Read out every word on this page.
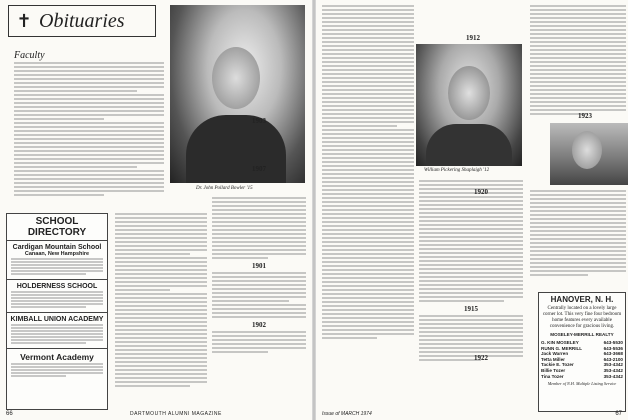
✝ Obituaries
Faculty
Dr. John Pollard Bowler '15
SCHOOL DIRECTORY
Cardigan Mountain School
Canaan, New Hampshire
HOLDERNESS SCHOOL
KIMBALL UNION ACADEMY
Vermont Academy
1901
1902
1903
1907
66	DARTMOUTH ALUMNI MAGAZINE
1912
William Pickering Shaplaigh '12
1915
1920
1922
1923
HANOVER, N. H.
Centrally located on a lovely large corner lot. This very fine four bedroom home features every available convenience for gracious living.
MOSELEY-MERRILL REALTY
G. KIN MOSELEY	643-5530
RUNN G. MERRILL	643-5536
Jack Warren	643-3668
Tetta Miller	643-2100
Tackie E. Tozer	353-4342
Billie Tozer	353-4342
Tina Tozer	353-4342
Member of N.H. Multiple Listing Service
Issue of MARCH 1974	67
